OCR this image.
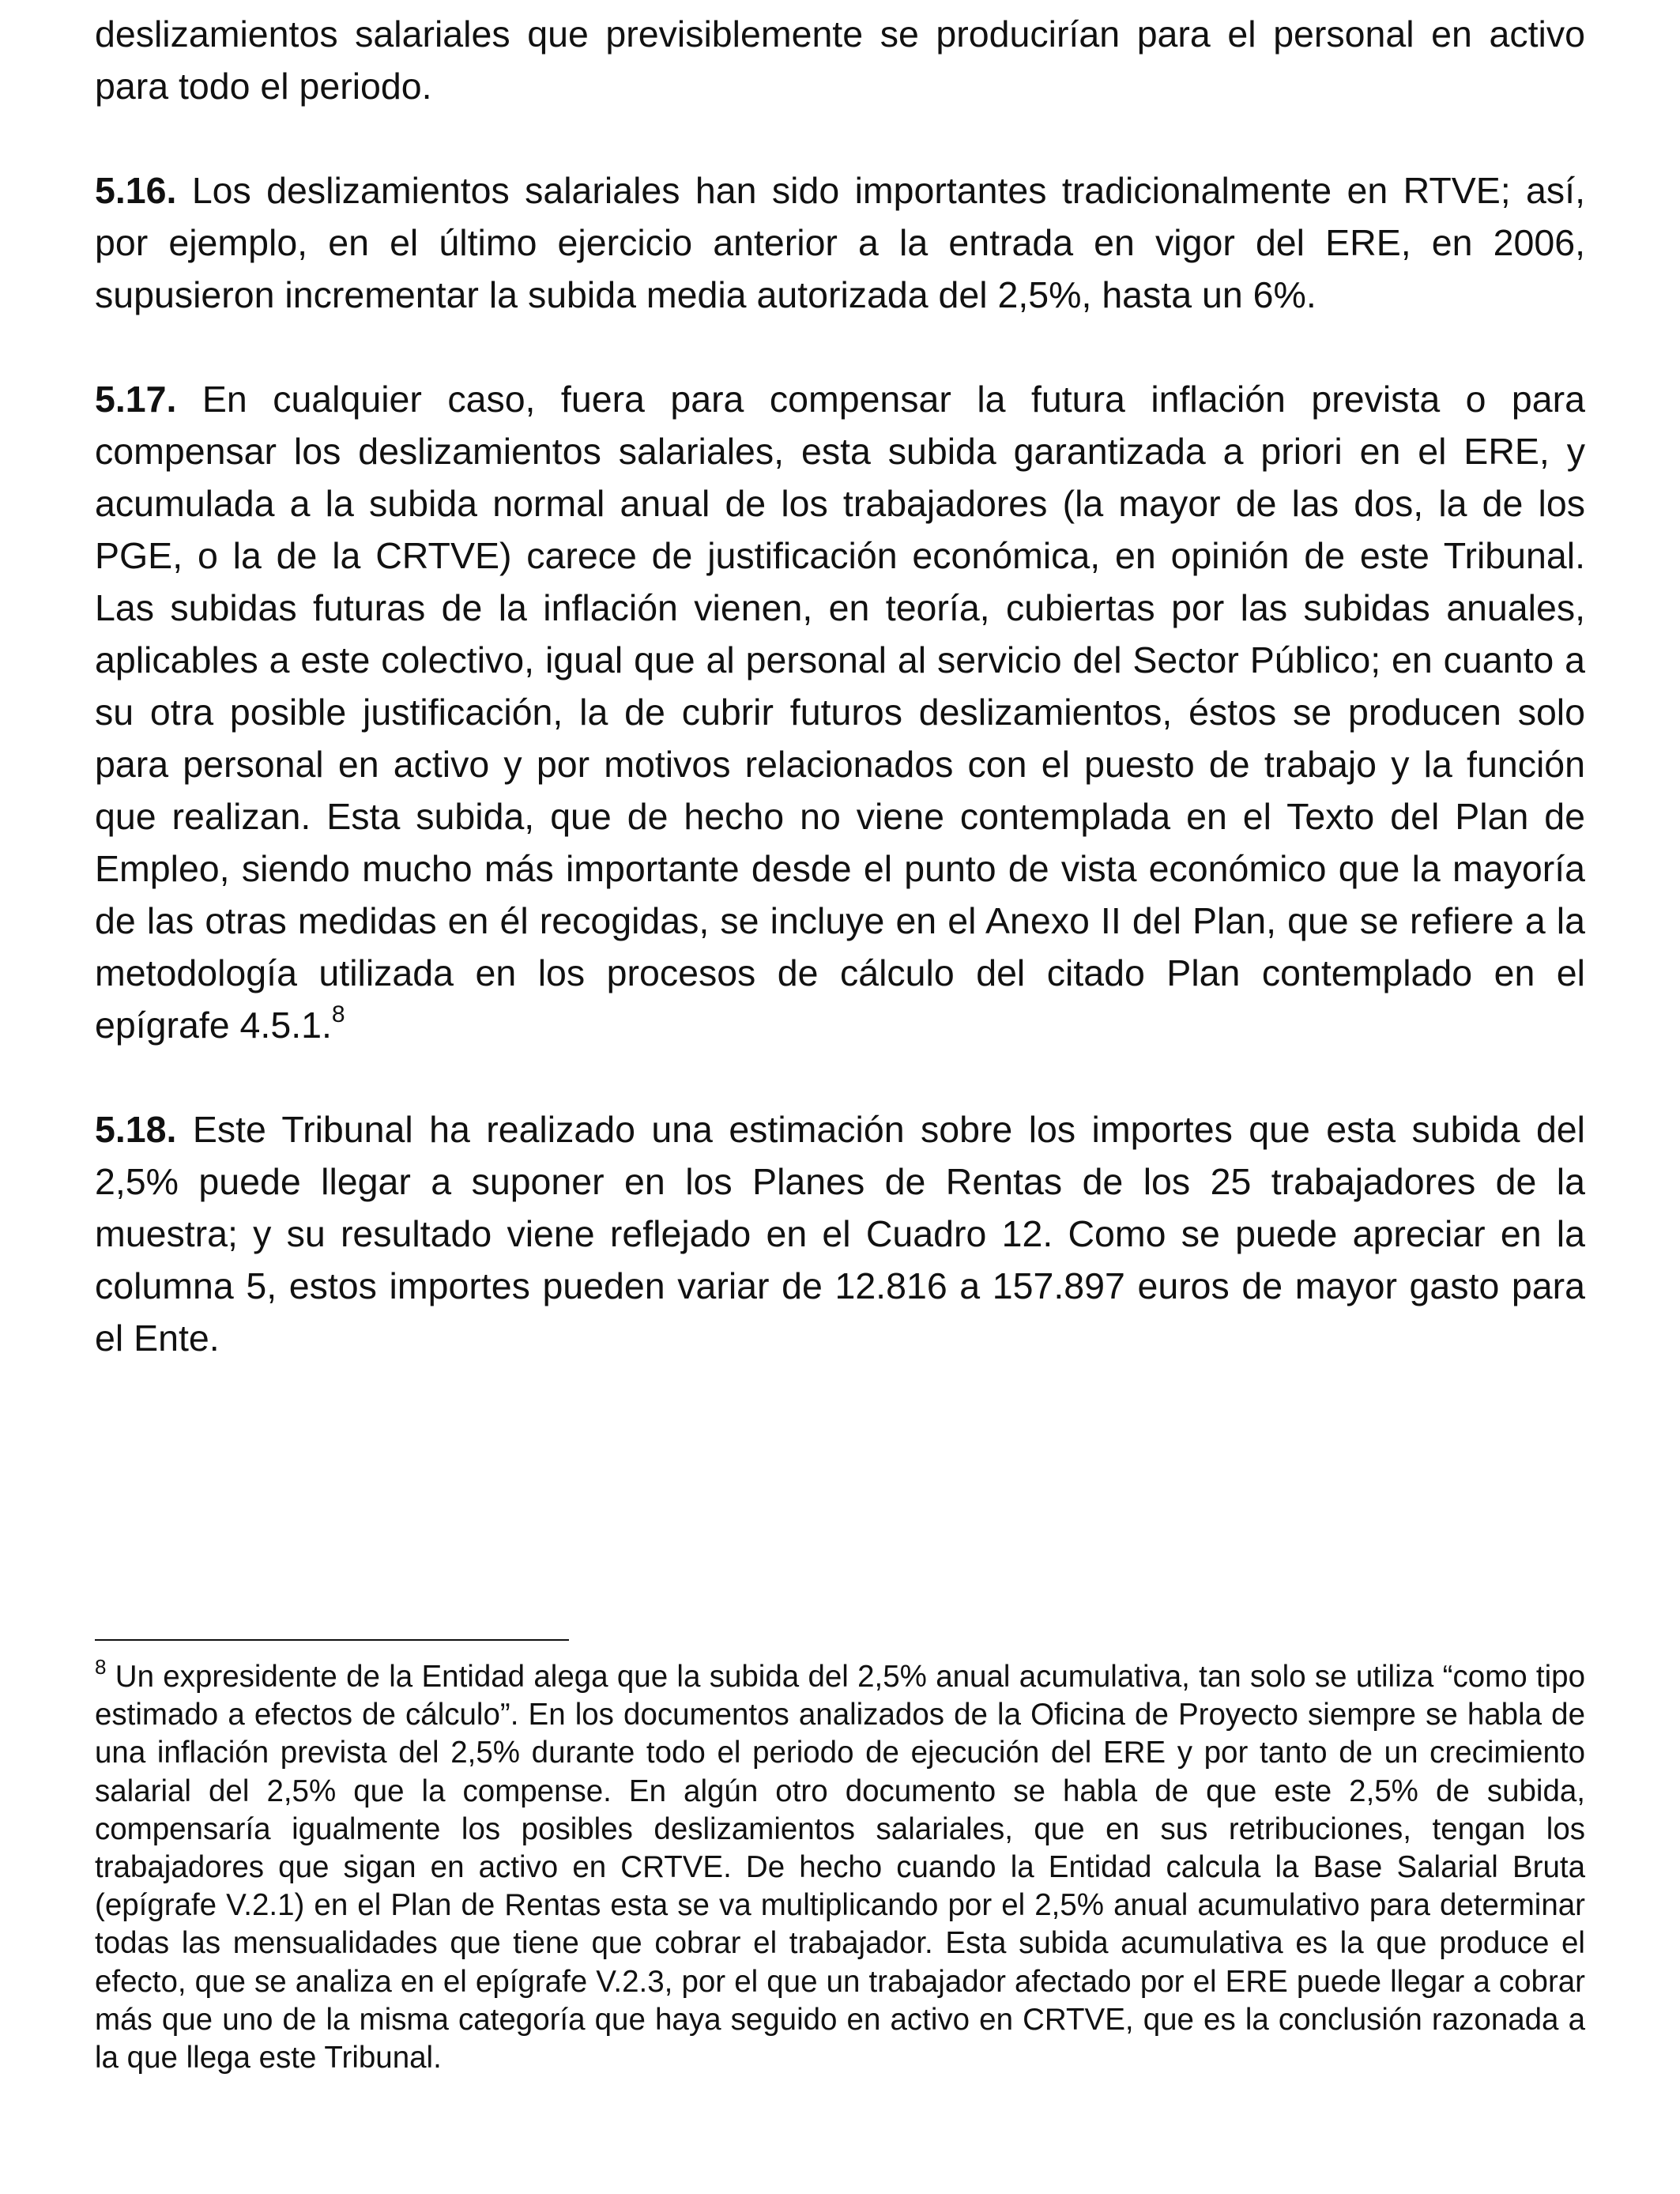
deslizamientos salariales que previsiblemente se producirían para el personal en activo para todo el periodo.

5.16. Los deslizamientos salariales han sido importantes tradicionalmente en RTVE; así, por ejemplo, en el último ejercicio anterior a la entrada en vigor del ERE, en 2006, supusieron incrementar la subida media autorizada del 2,5%, hasta un 6%.

5.17. En cualquier caso, fuera para compensar la futura inflación prevista o para compensar los deslizamientos salariales, esta subida garantizada a priori en el ERE, y acumulada a la subida normal anual de los trabajadores (la mayor de las dos, la de los PGE, o la de la CRTVE) carece de justificación económica, en opinión de este Tribunal. Las subidas futuras de la inflación vienen, en teoría, cubiertas por las subidas anuales, aplicables a este colectivo, igual que al personal al servicio del Sector Público; en cuanto a su otra posible justificación, la de cubrir futuros deslizamientos, éstos se producen solo para personal en activo y por motivos relacionados con el puesto de trabajo y la función que realizan. Esta subida, que de hecho no viene contemplada en el Texto del Plan de Empleo, siendo mucho más importante desde el punto de vista económico que la mayoría de las otras medidas en él recogidas, se incluye en el Anexo II del Plan, que se refiere a la metodología utilizada en los procesos de cálculo del citado Plan contemplado en el epígrafe 4.5.1.$^8$

5.18. Este Tribunal ha realizado una estimación sobre los importes que esta subida del 2,5% puede llegar a suponer en los Planes de Rentas de los 25 trabajadores de la muestra; y su resultado viene reflejado en el Cuadro 12. Como se puede apreciar en la columna 5, estos importes pueden variar de 12.816 a 157.897 euros de mayor gasto para el Ente.

$^8$ Un expresidente de la Entidad alega que la subida del 2,5% anual acumulativa, tan solo se utiliza “como tipo estimado a efectos de cálculo”. En los documentos analizados de la Oficina de Proyecto siempre se habla de una inflación prevista del 2,5% durante todo el periodo de ejecución del ERE y por tanto de un crecimiento salarial del 2,5% que la compense. En algún otro documento se habla de que este 2,5% de subida, compensaría igualmente los posibles deslizamientos salariales, que en sus retribuciones, tengan los trabajadores que sigan en activo en CRTVE. De hecho cuando la Entidad calcula la Base Salarial Bruta (epígrafe V.2.1) en el Plan de Rentas esta se va multiplicando por el 2,5% anual acumulativo para determinar todas las mensualidades que tiene que cobrar el trabajador. Esta subida acumulativa es la que produce el efecto, que se analiza en el epígrafe V.2.3, por el que un trabajador afectado por el ERE puede llegar a cobrar más que uno de la misma categoría que haya seguido en activo en CRTVE, que es la conclusión razonada a la que llega este Tribunal.
